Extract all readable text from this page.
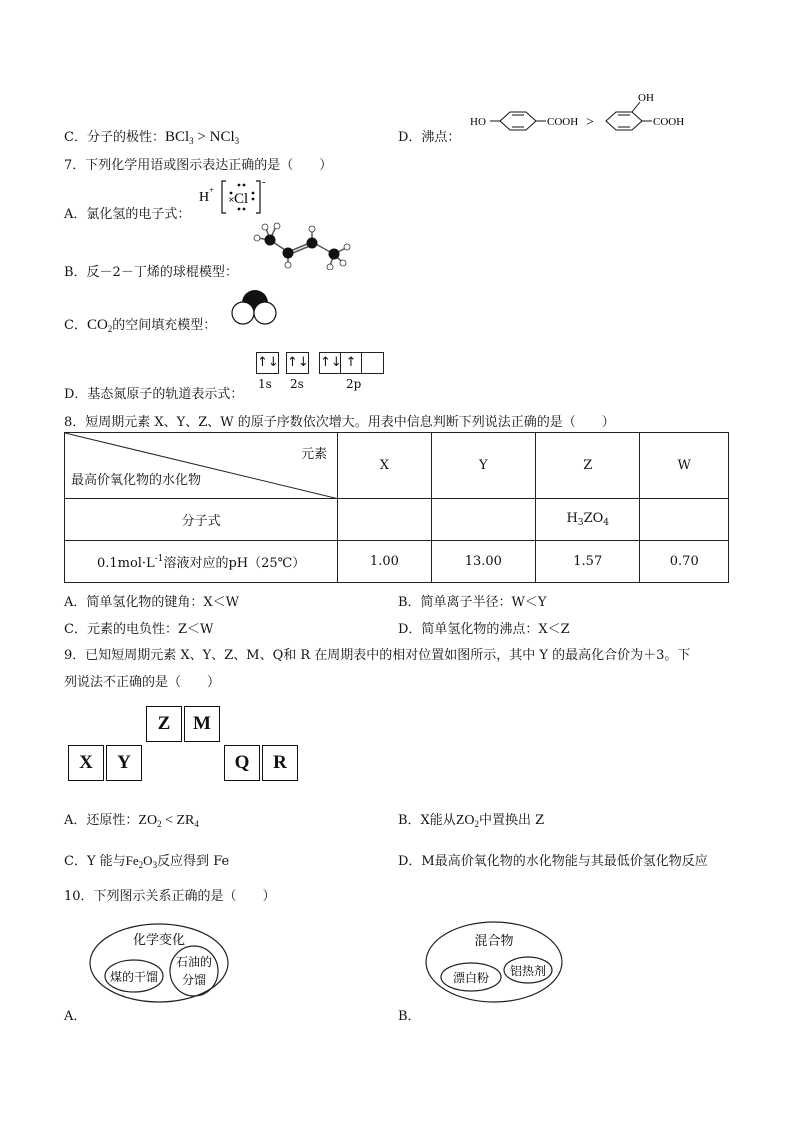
C．分子的极性：BCl$_3$ > NCl$_3$	D．沸点：
HO	COOH >
OH
COOH
7．下列化学用语或图示表达正确的是（　　）
A．氯化氢的电子式：
H +
Cl
-
×
B．反－2－丁烯的球棍模型：
C．$CO_2$的空间填充模型：
↑↓ ↑↓ ↑↓ ↑
1s 2s	2p
D．基态氮原子的轨道表示式：
8．短周期元素 X、Y、Z、W 的原子序数依次增大。用表中信息判断下列说法正确的是（　　）
元素
最高价氧化物的水化物	X	Y	Z	W
分子式			$H_3ZO_4$	
$0.1mol\cdot L^{-1}$溶液对应的pH（25℃）	1.00	13.00	1.57	0.70
A．简单氢化物的键角：X＜W	B．简单离子半径：W＜Y
C．元素的电负性：Z＜W	D．简单氢化物的沸点：X＜Z
9．已知短周期元素 X、Y、Z、M、Q和 R 在周期表中的相对位置如图所示，其中 Y 的最高化合价为＋3。下
列说法不正确的是（　　）
Z	M
X	Y	Q	R
A．还原性：$ZO_2 < ZR_4$	B．X能从$ZO_2$中置换出 Z
C．Y 能与$Fe_2O_3$反应得到 Fe	D．M最高价氧化物的水化物能与其最低价氢化物反应
10．下列图示关系正确的是（　　）
化学变化
煤的干馏
石油的
分馏
A．
混合物
漂白粉 铝热剂
B．
